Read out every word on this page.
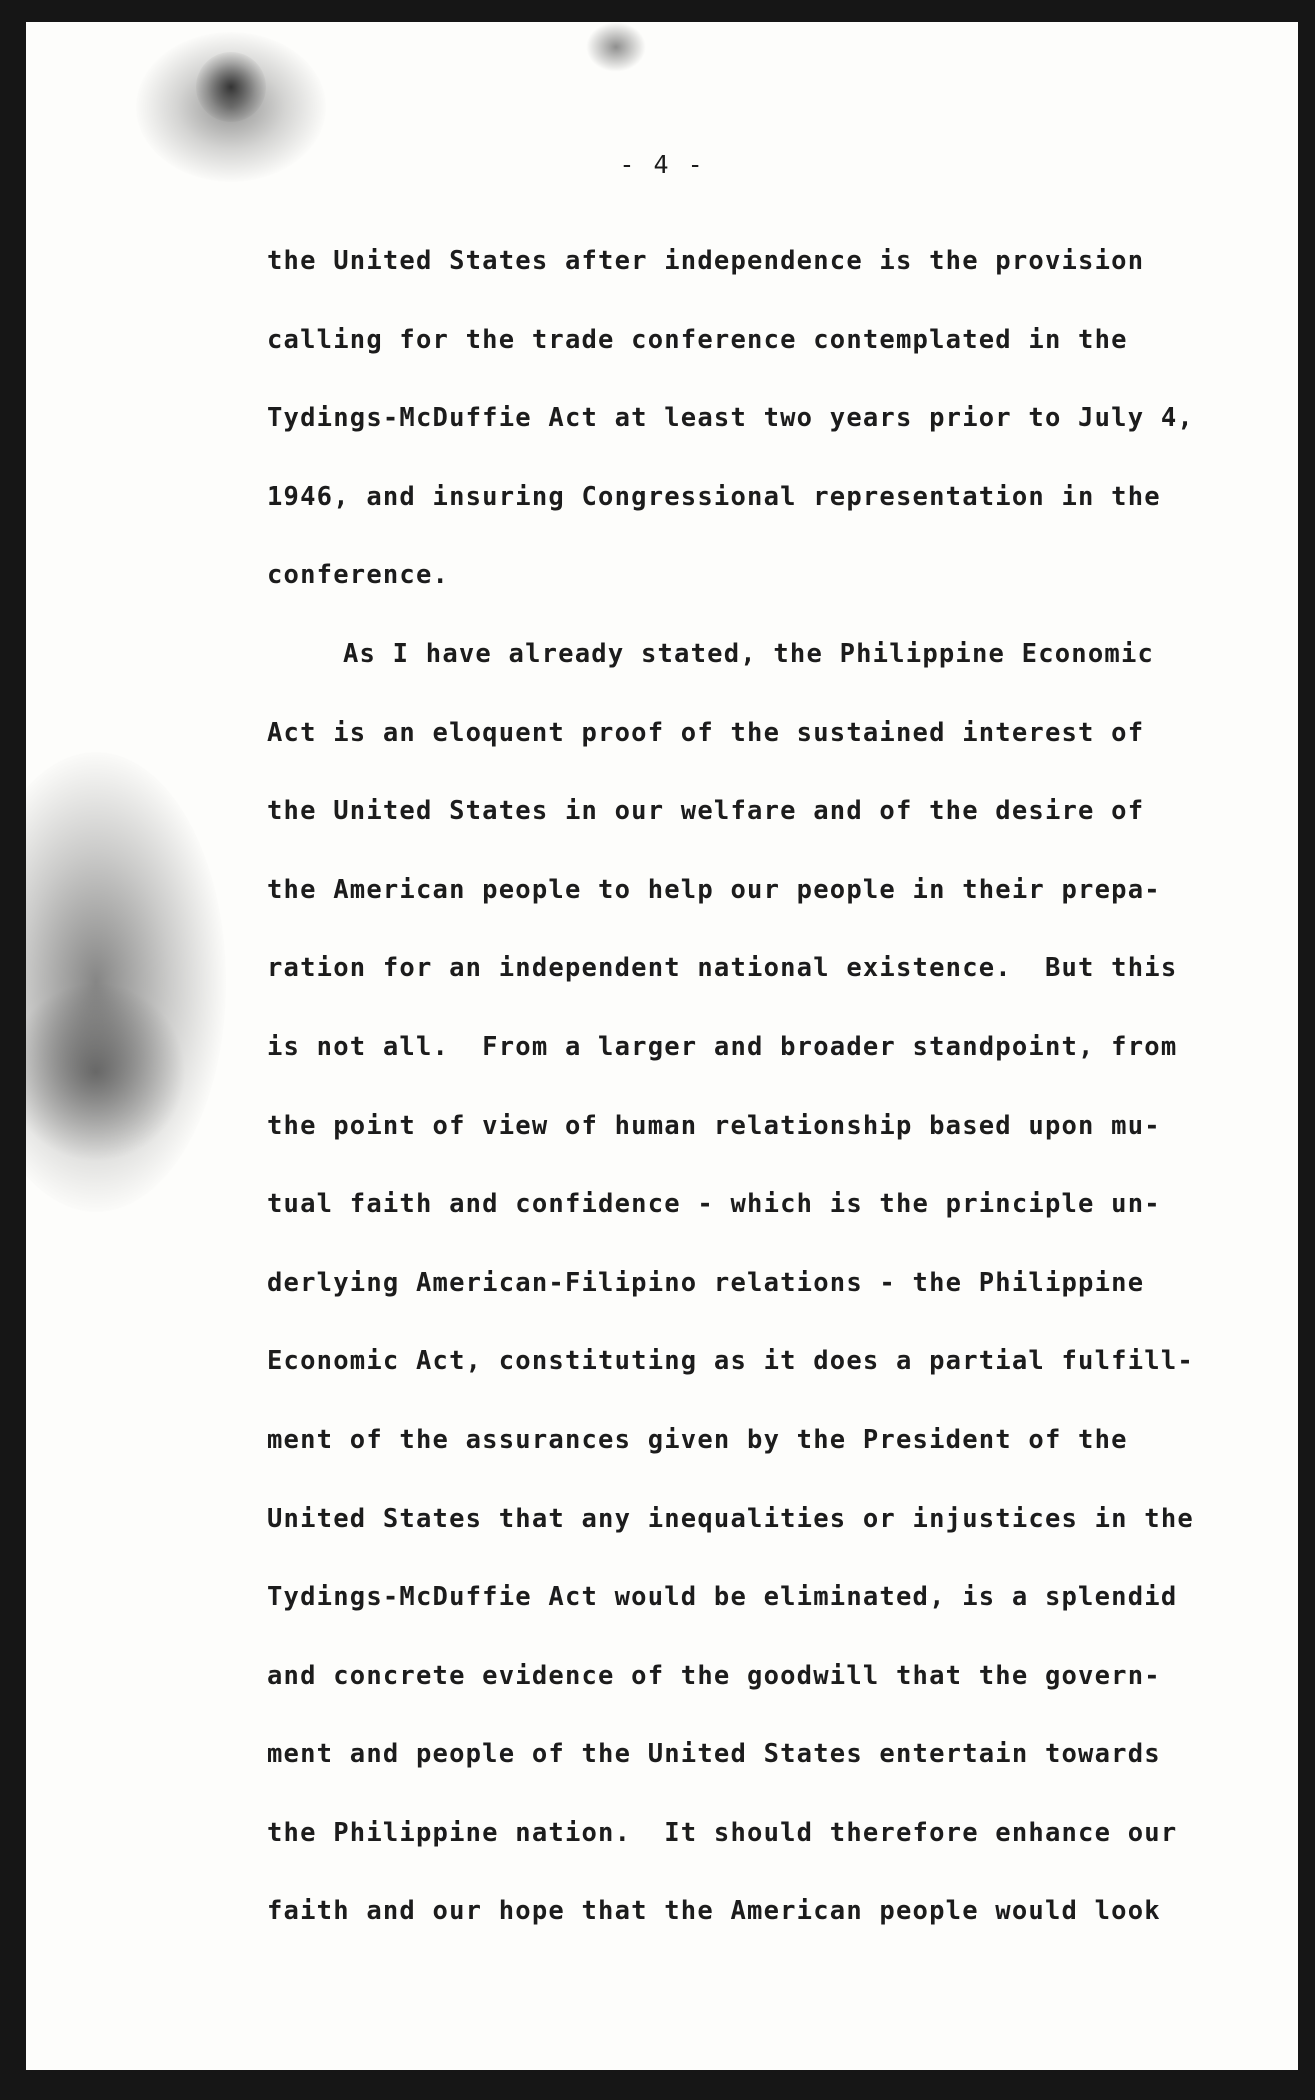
- 4 -
the United States after independence is the provision
calling for the trade conference contemplated in the
Tydings-McDuffie Act at least two years prior to July 4,
1946, and insuring Congressional representation in the
conference.
As I have already stated, the Philippine Economic
Act is an eloquent proof of the sustained interest of
the United States in our welfare and of the desire of
the American people to help our people in their prepa-
ration for an independent national existence.  But this
is not all.  From a larger and broader standpoint, from
the point of view of human relationship based upon mu-
tual faith and confidence - which is the principle un-
derlying American-Filipino relations - the Philippine
Economic Act, constituting as it does a partial fulfill-
ment of the assurances given by the President of the
United States that any inequalities or injustices in the
Tydings-McDuffie Act would be eliminated, is a splendid
and concrete evidence of the goodwill that the govern-
ment and people of the United States entertain towards
the Philippine nation.  It should therefore enhance our
faith and our hope that the American people would look
